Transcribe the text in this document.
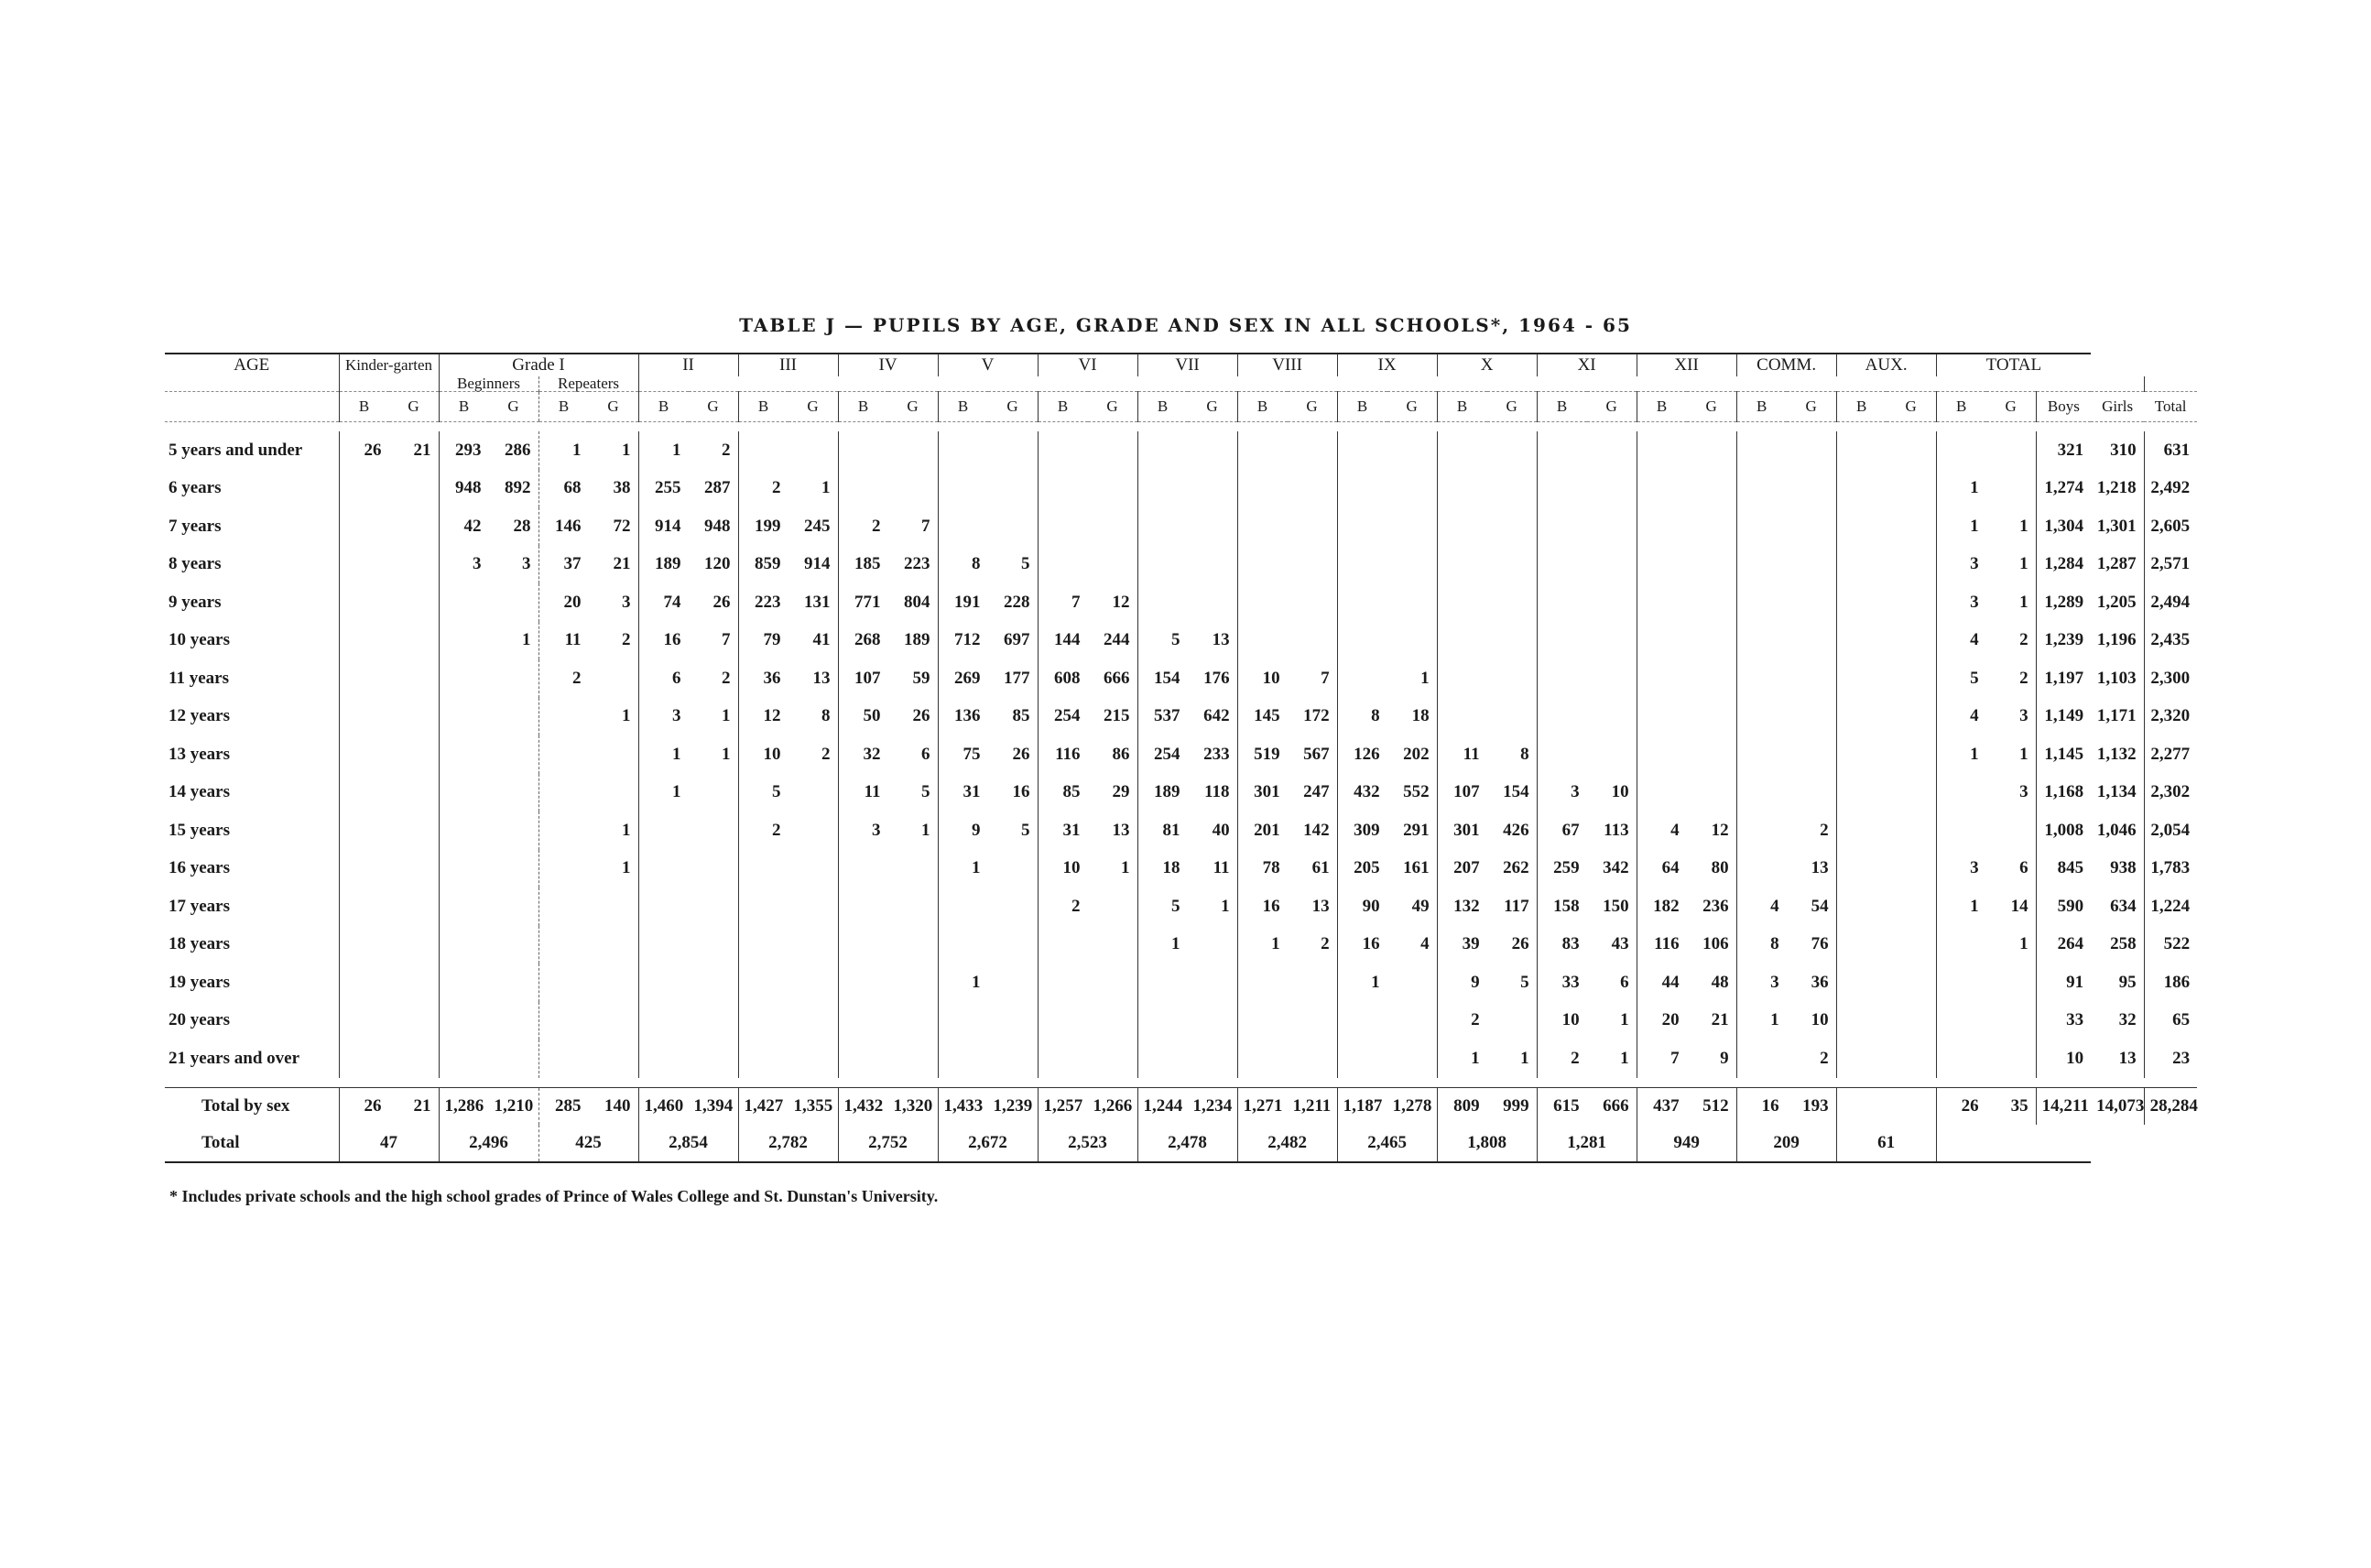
TABLE J — PUPILS BY AGE, GRADE AND SEX IN ALL SCHOOLS*, 1964 - 65
AGE	Kinder-garten		Grade I				II		III		IV		V		VI		VII		VIII		IX		X		XI		XII		COMM.		AUX.		TOTAL				
			Beginners		Repeaters																																
	B	G	B	G	B	G	B	G	B	G	B	G	B	G	B	G	B	G	B	G	B	G	B	G	B	G	B	G	B	G	B	G	B	G	Boys	Girls	Total

5 years and under	26	21	293	286	1	1	1	2																											321	310	631
6 years			948	892	68	38	255	287	2	1																							1		1,274	1,218	2,492
7 years			42	28	146	72	914	948	199	245	2	7																					1	1	1,304	1,301	2,605
8 years			3	3	37	21	189	120	859	914	185	223	8	5																			3	1	1,284	1,287	2,571
9 years					20	3	74	26	223	131	771	804	191	228	7	12																	3	1	1,289	1,205	2,494
10 years				1	11	2	16	7	79	41	268	189	712	697	144	244	5	13															4	2	1,239	1,196	2,435
11 years					2		6	2	36	13	107	59	269	177	608	666	154	176	10	7		1											5	2	1,197	1,103	2,300
12 years						1	3	1	12	8	50	26	136	85	254	215	537	642	145	172	8	18											4	3	1,149	1,171	2,320
13 years							1	1	10	2	32	6	75	26	116	86	254	233	519	567	126	202	11	8									1	1	1,145	1,132	2,277
14 years							1		5		11	5	31	16	85	29	189	118	301	247	432	552	107	154	3	10								3	1,168	1,134	2,302
15 years						1			2		3	1	9	5	31	13	81	40	201	142	309	291	301	426	67	113	4	12		2					1,008	1,046	2,054
16 years						1							1		10	1	18	11	78	61	205	161	207	262	259	342	64	80		13			3	6	845	938	1,783
17 years															2		5	1	16	13	90	49	132	117	158	150	182	236	4	54			1	14	590	634	1,224
18 years																	1		1	2	16	4	39	26	83	43	116	106	8	76				1	264	258	522
19 years													1								1		9	5	33	6	44	48	3	36					91	95	186
20 years																							2		10	1	20	21	1	10					33	32	65
21 years and over																							1	1	2	1	7	9		2					10	13	23

Total by sex	26	21	1,286	1,210	285	140	1,460	1,394	1,427	1,355	1,432	1,320	1,433	1,239	1,257	1,266	1,244	1,234	1,271	1,211	1,187	1,278	809	999	615	666	437	512	16	193			26	35	14,211	14,073	28,284
Total	47		2,496		425		2,854		2,782		2,752		2,672		2,523		2,478		2,482		2,465		1,808		1,281		949		209		61						
* Includes private schools and the high school grades of Prince of Wales College and St. Dunstan's University.
